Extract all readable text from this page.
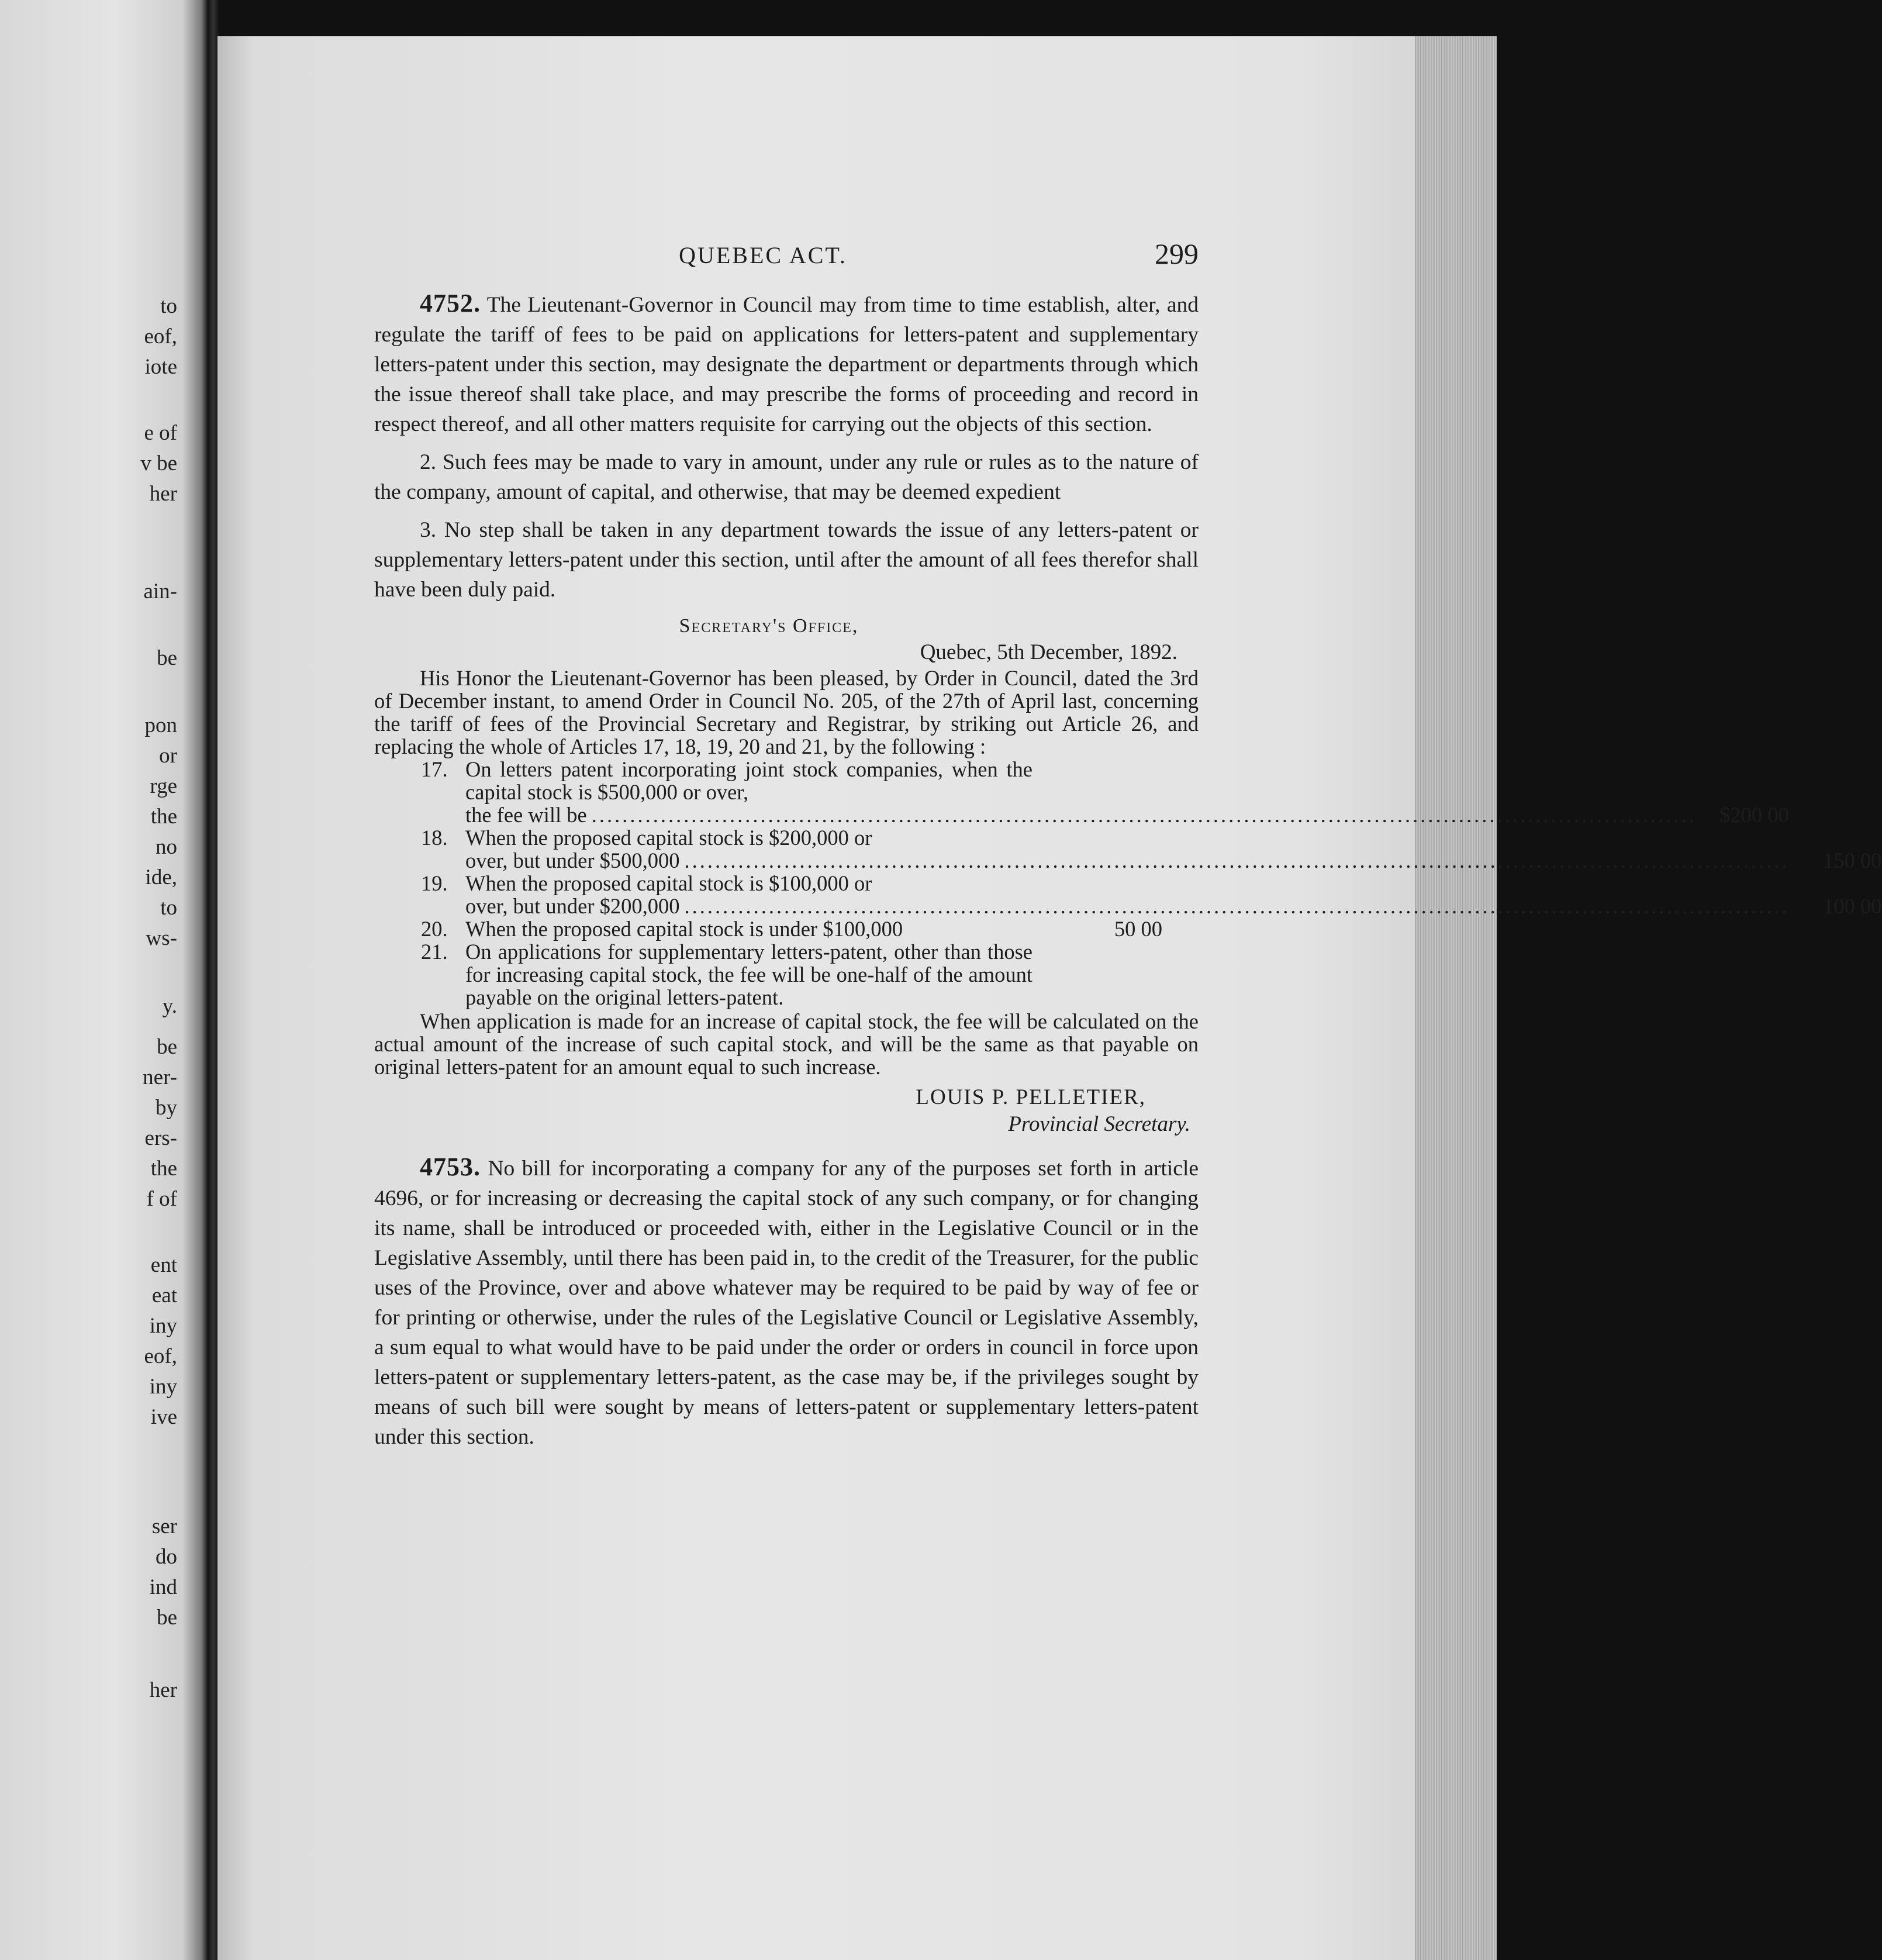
to

eof,

iote

e of

v be

her

ain-

be

pon

or

rge

the

no

ide,

to

ws-

y.

be

ner-

by

ers-

the

f of

ent

eat

iny

eof,

iny

ive

ser

do

ind

be

her

QUEBEC ACT.	299

4752. The Lieutenant-Governor in Council may from time to time establish, alter, and regulate the tariff of fees to be paid on applications for letters-patent and supplementary letters-patent under this section, may designate the department or departments through which the issue thereof shall take place, and may prescribe the forms of proceeding and record in respect thereof, and all other matters requisite for carrying out the objects of this section.

2. Such fees may be made to vary in amount, under any rule or rules as to the nature of the company, amount of capital, and otherwise, that may be deemed expedient

3. No step shall be taken in any department towards the issue of any letters-patent or supplementary letters-patent under this section, until after the amount of all fees therefor shall have been duly paid.

Secretary's Office,
Quebec, 5th December, 1892.

His Honor the Lieutenant-Governor has been pleased, by Order in Council, dated the 3rd of December instant, to amend Order in Council No. 205, of the 27th of April last, concerning the tariff of fees of the Provincial Secretary and Registrar, by striking out Article 26, and replacing the whole of Articles 17, 18, 19, 20 and 21, by the following :

17. On letters patent incorporating joint stock companies, when the capital stock is $500,000 or over,
the fee will be .....	$200 00
18. When the proposed capital stock is $200,000 or
over, but under $500,000 .....	150 00
19. When the proposed capital stock is $100,000 or
over, but under $200,000 .....	100 00
20. When the proposed capital stock is under $100,000	50 00
21. On applications for supplementary letters-patent, other than those for increasing capital stock, the fee will be one-half of the amount payable on the original letters-patent.

When application is made for an increase of capital stock, the fee will be calculated on the actual amount of the increase of such capital stock, and will be the same as that payable on original letters-patent for an amount equal to such increase.

LOUIS P. PELLETIER,
Provincial Secretary.

4753. No bill for incorporating a company for any of the purposes set forth in article 4696, or for increasing or decreasing the capital stock of any such company, or for changing its name, shall be introduced or proceeded with, either in the Legislative Council or in the Legislative Assembly, until there has been paid in, to the credit of the Treasurer, for the public uses of the Province, over and above whatever may be required to be paid by way of fee or for printing or otherwise, under the rules of the Legislative Council or Legislative Assembly, a sum equal to what would have to be paid under the order or orders in council in force upon letters-patent or supplementary letters-patent, as the case may be, if the privileges sought by means of such bill were sought by means of letters-patent or supplementary letters-patent under this section.
